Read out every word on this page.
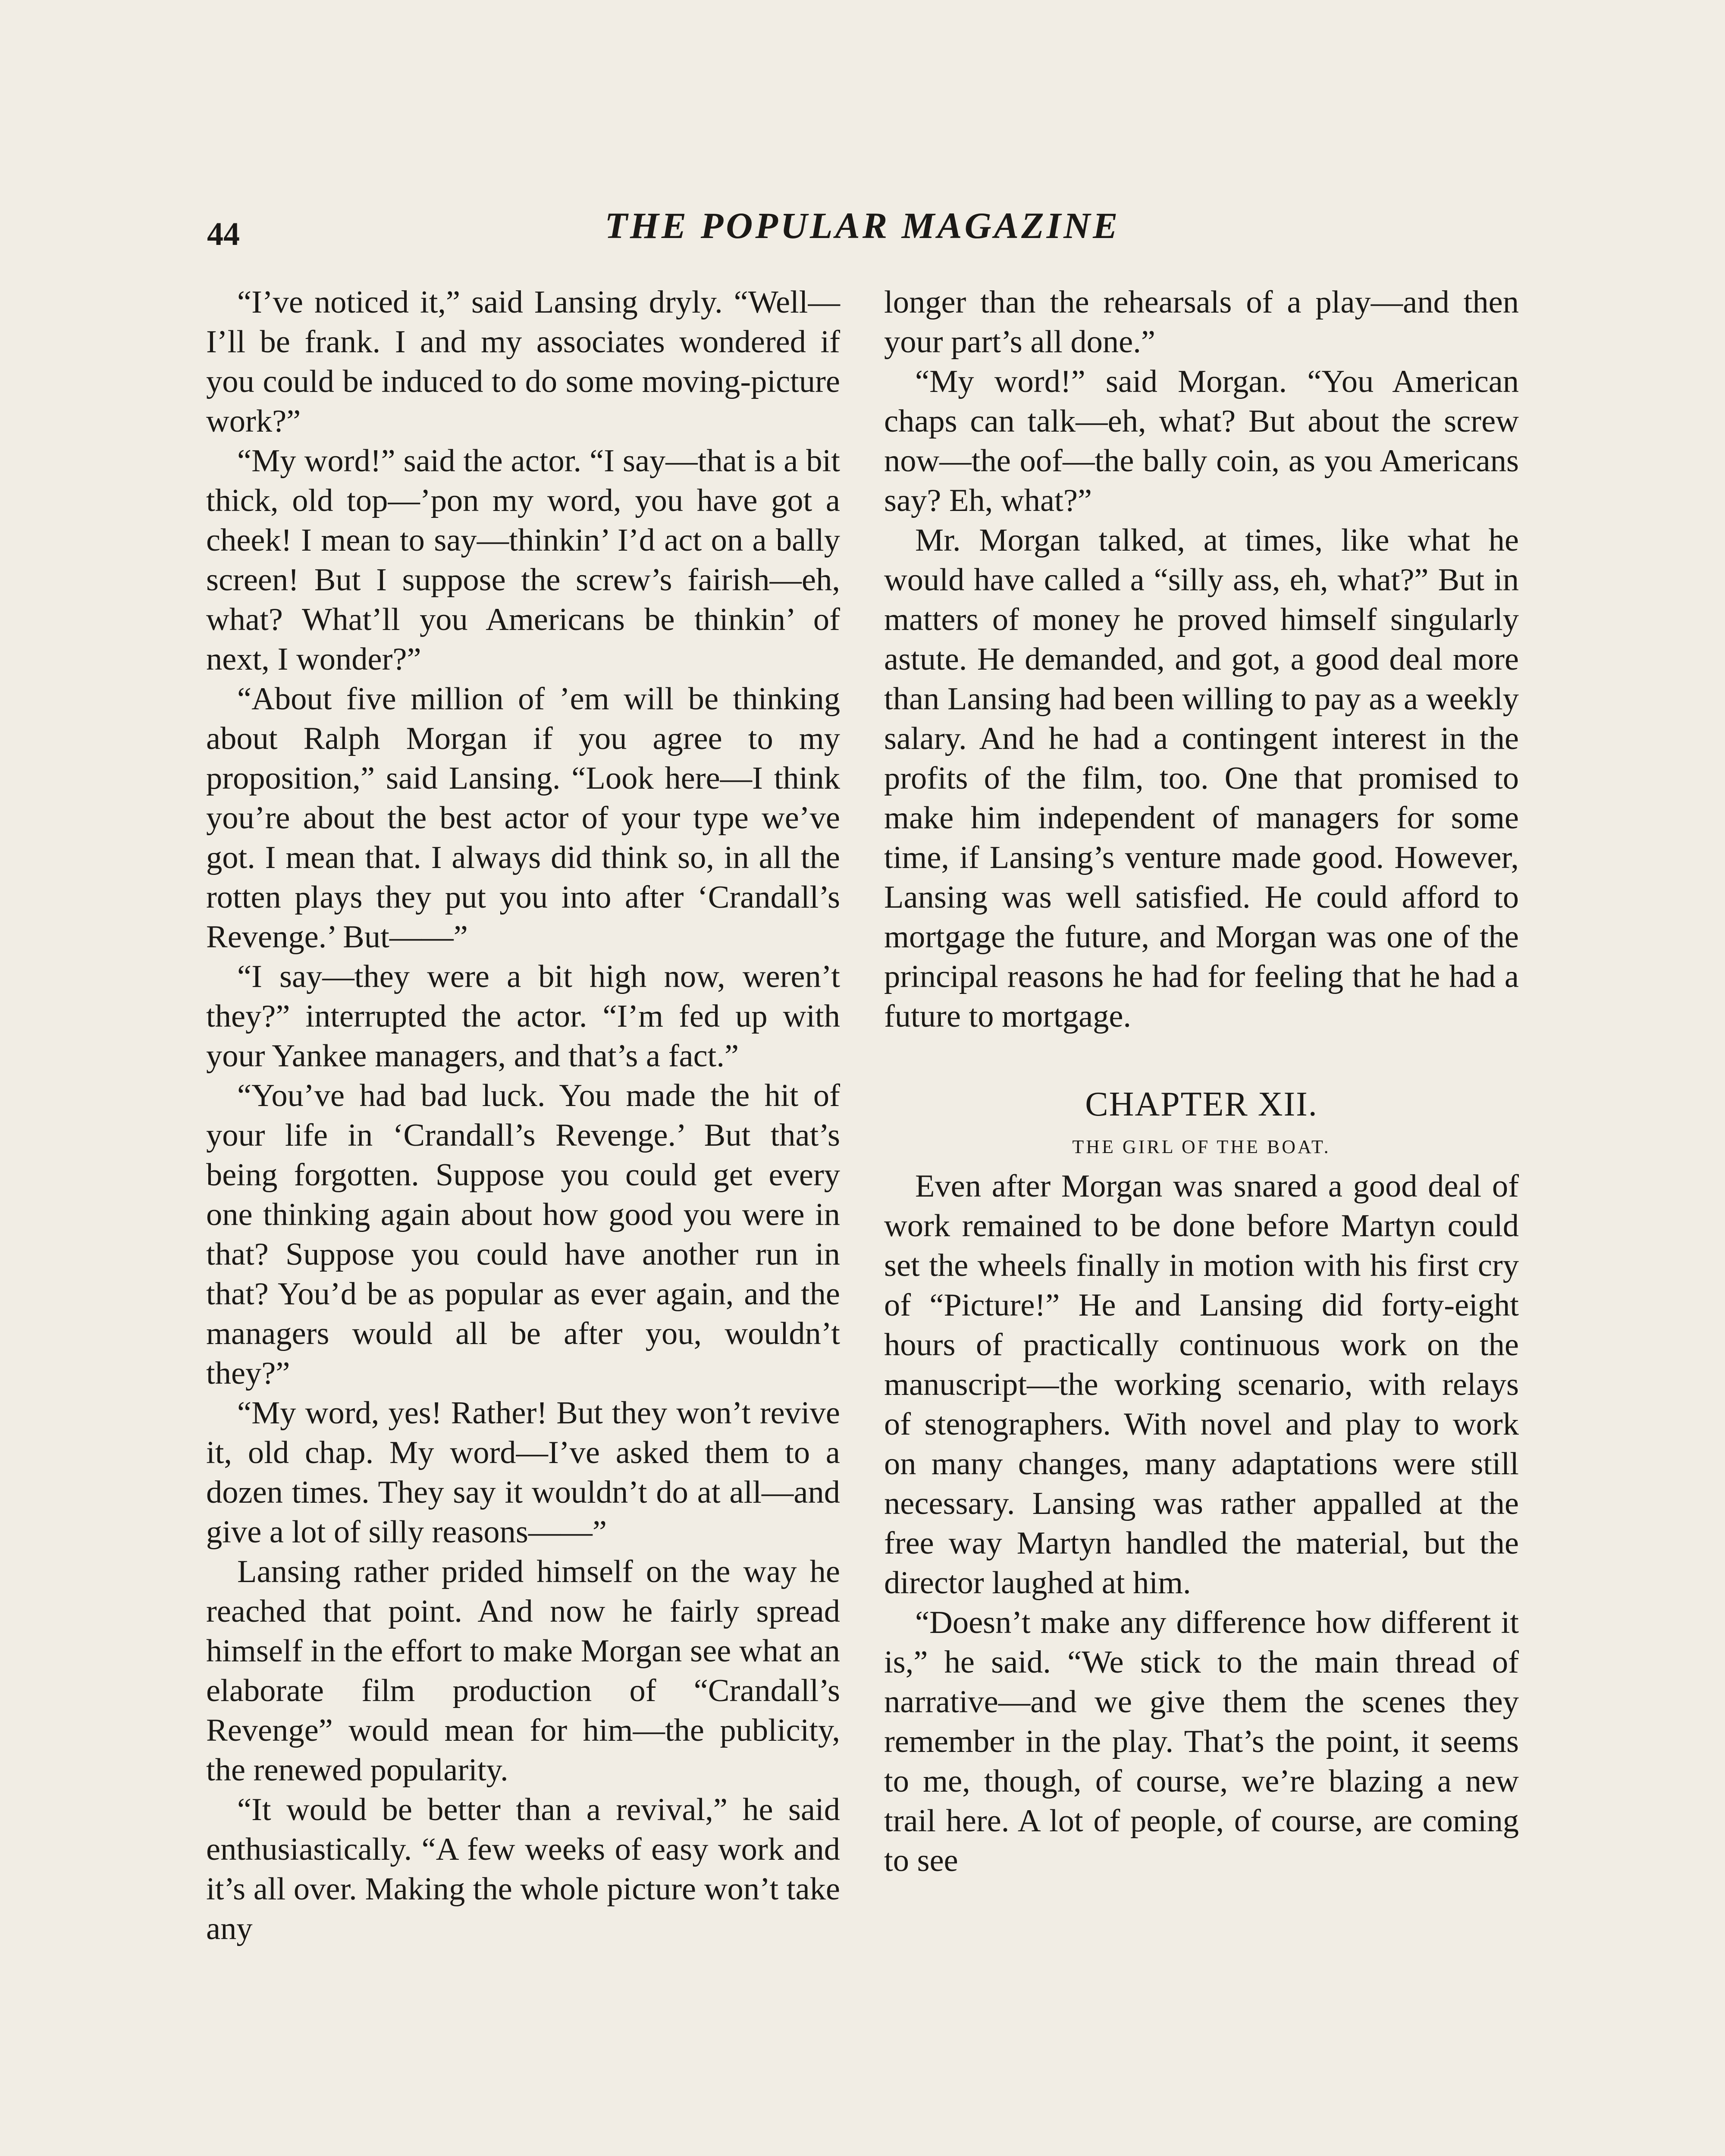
44	THE POPULAR MAGAZINE

“I’ve noticed it,” said Lansing dryly. “Well—I’ll be frank. I and my associates wondered if you could be induced to do some moving-picture work?”

“My word!” said the actor. “I say—that is a bit thick, old top—’pon my word, you have got a cheek! I mean to say—thinkin’ I’d act on a bally screen! But I suppose the screw’s fairish—eh, what? What’ll you Americans be thinkin’ of next, I wonder?”

“About five million of ’em will be thinking about Ralph Morgan if you agree to my proposition,” said Lansing. “Look here—I think you’re about the best actor of your type we’ve got. I mean that. I always did think so, in all the rotten plays they put you into after ‘Crandall’s Revenge.’ But——”

“I say—they were a bit high now, weren’t they?” interrupted the actor. “I’m fed up with your Yankee managers, and that’s a fact.”

“You’ve had bad luck. You made the hit of your life in ‘Crandall’s Revenge.’ But that’s being forgotten. Suppose you could get every one thinking again about how good you were in that? Suppose you could have another run in that? You’d be as popular as ever again, and the managers would all be after you, wouldn’t they?”

“My word, yes! Rather! But they won’t revive it, old chap. My word—I’ve asked them to a dozen times. They say it wouldn’t do at all—and give a lot of silly reasons——”

Lansing rather prided himself on the way he reached that point. And now he fairly spread himself in the effort to make Morgan see what an elaborate film production of “Crandall’s Revenge” would mean for him—the publicity, the renewed popularity.

“It would be better than a revival,” he said enthusiastically. “A few weeks of easy work and it’s all over. Making the whole picture won’t take any

longer than the rehearsals of a play—and then your part’s all done.”

“My word!” said Morgan. “You American chaps can talk—eh, what? But about the screw now—the oof—the bally coin, as you Americans say? Eh, what?”

Mr. Morgan talked, at times, like what he would have called a “silly ass, eh, what?” But in matters of money he proved himself singularly astute. He demanded, and got, a good deal more than Lansing had been willing to pay as a weekly salary. And he had a contingent interest in the profits of the film, too. One that promised to make him independent of managers for some time, if Lansing’s venture made good. However, Lansing was well satisfied. He could afford to mortgage the future, and Morgan was one of the principal reasons he had for feeling that he had a future to mortgage.

CHAPTER XII.
THE GIRL OF THE BOAT.

Even after Morgan was snared a good deal of work remained to be done before Martyn could set the wheels finally in motion with his first cry of “Picture!” He and Lansing did forty-eight hours of practically continuous work on the manuscript—the working scenario, with relays of stenographers. With novel and play to work on many changes, many adaptations were still necessary. Lansing was rather appalled at the free way Martyn handled the material, but the director laughed at him.

“Doesn’t make any difference how different it is,” he said. “We stick to the main thread of narrative—and we give them the scenes they remember in the play. That’s the point, it seems to me, though, of course, we’re blazing a new trail here. A lot of people, of course, are coming to see
